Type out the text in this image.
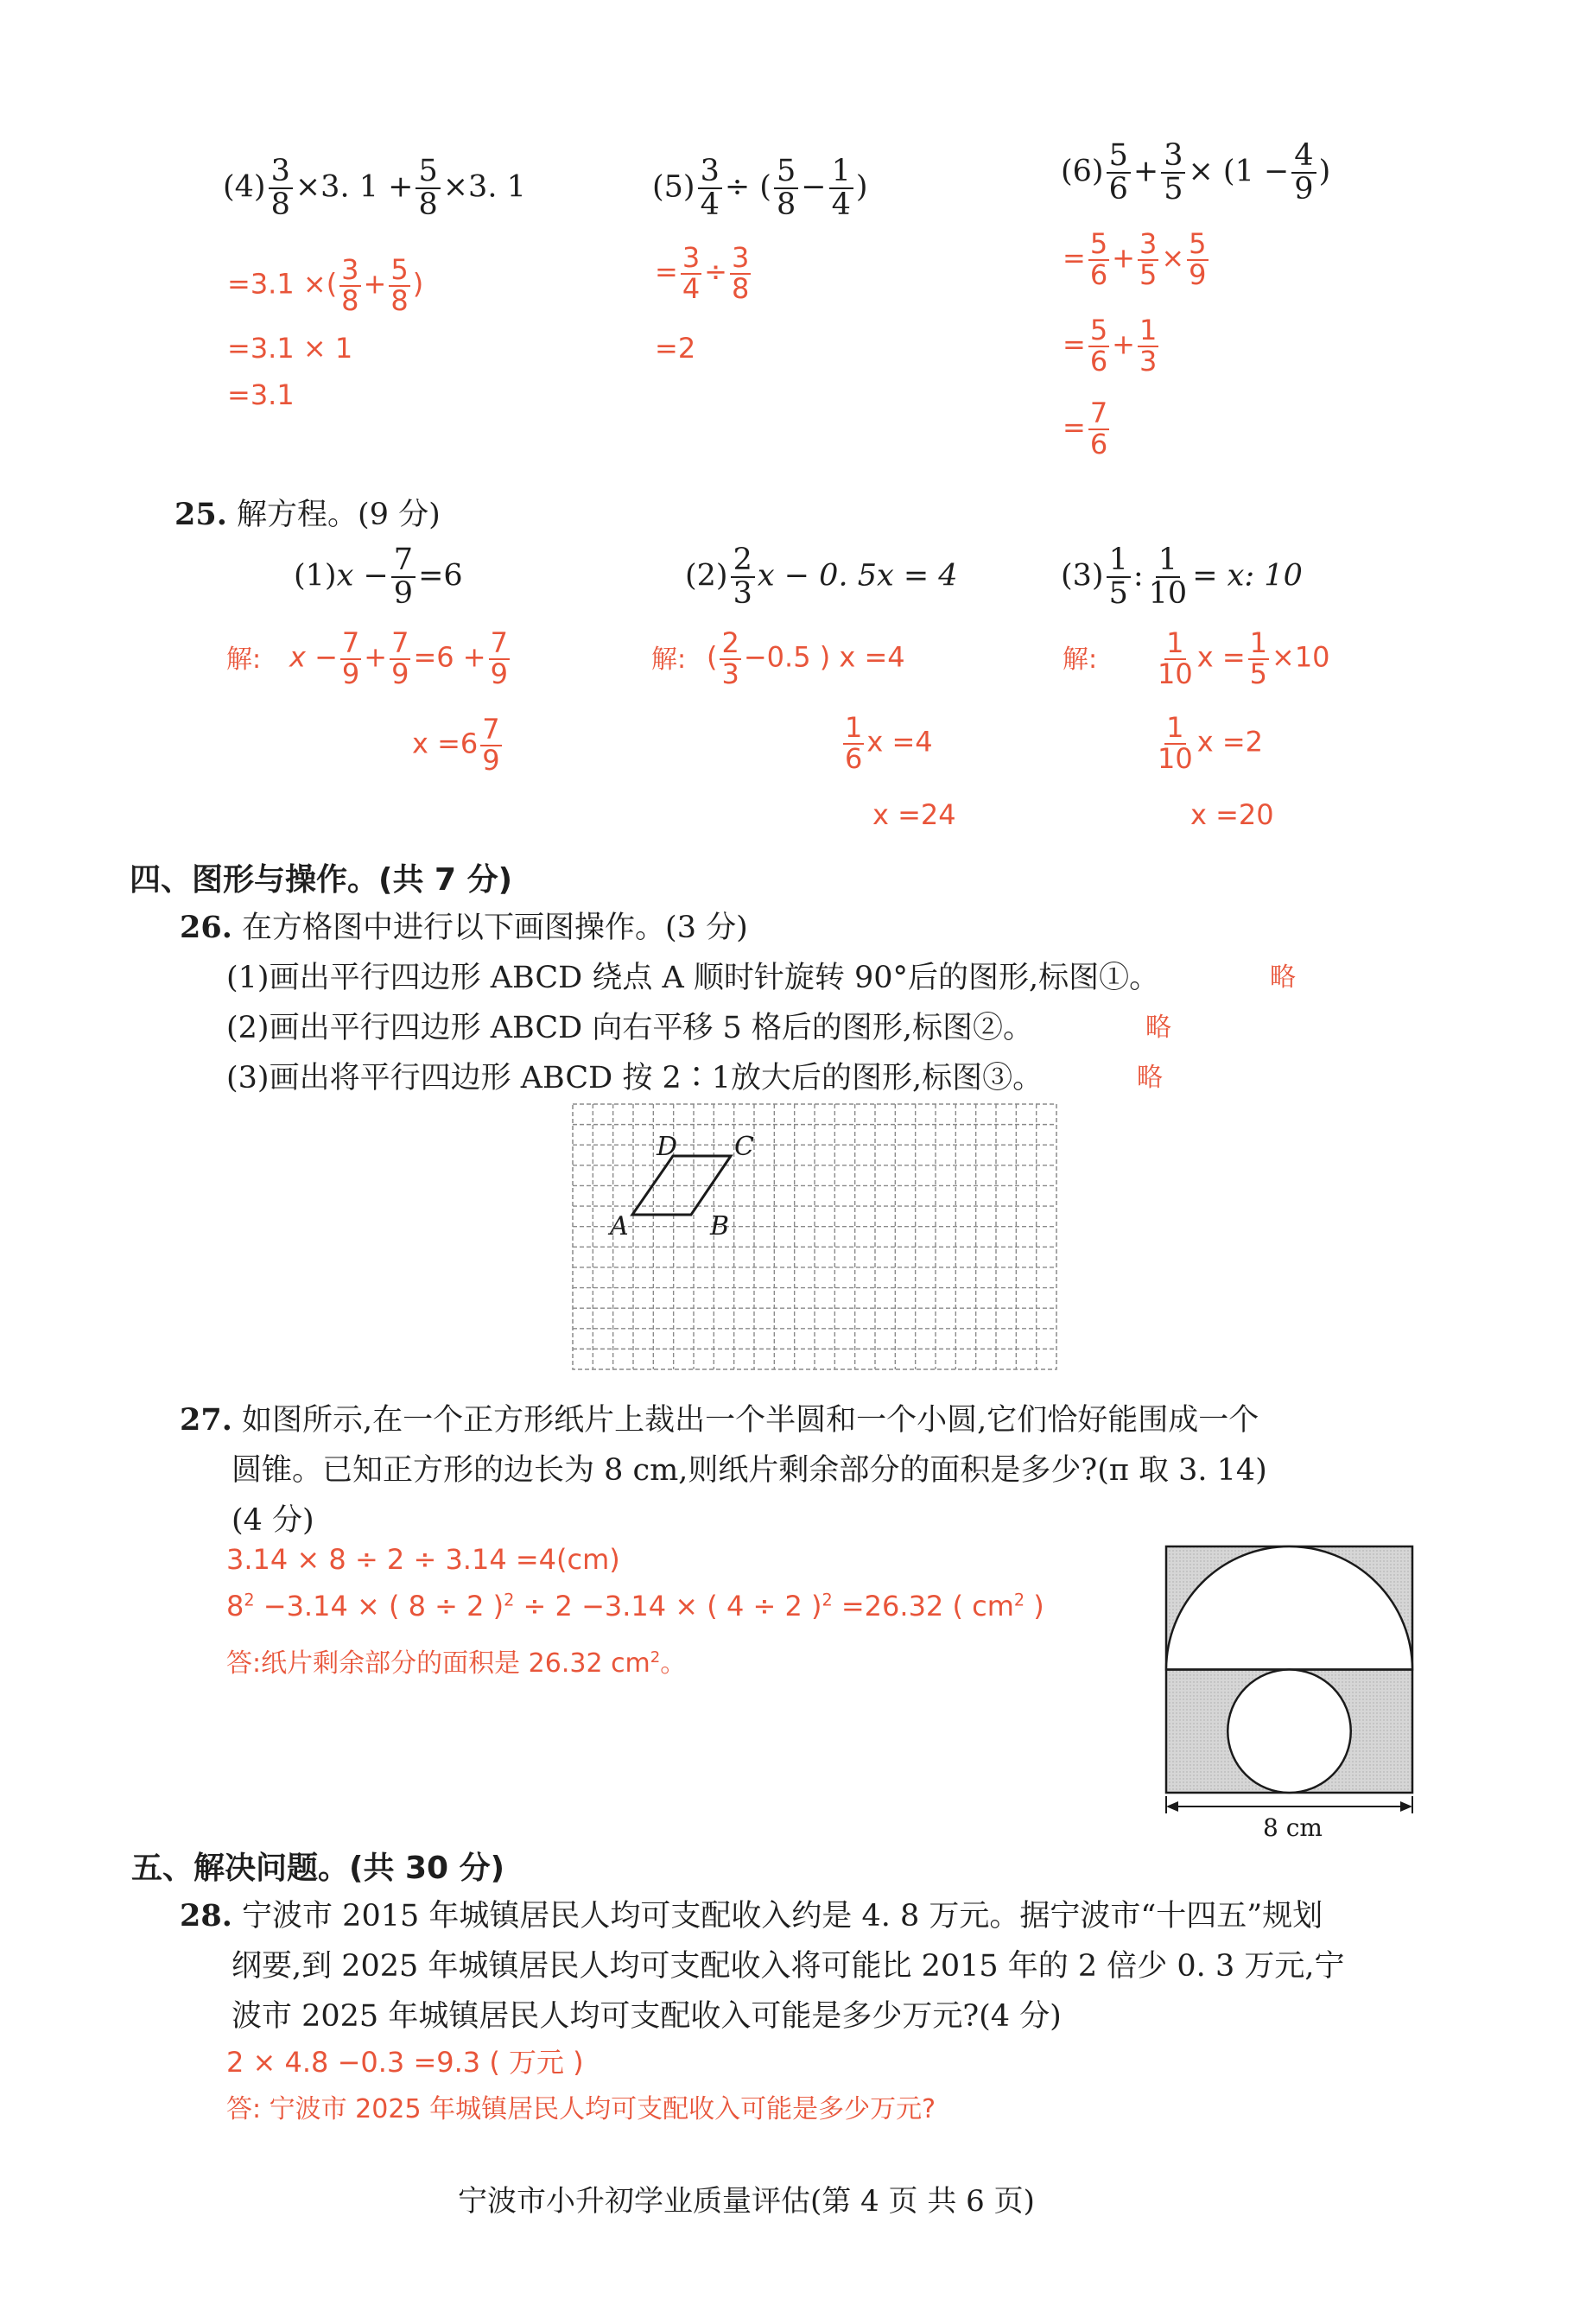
$(4) \frac{3}{8} \times 3$. $1 + \frac{5}{8} \times 3$. 1
=3.1 ×( $\frac{3}{8} + \frac{5}{8}$ )
=3.1 × 1
=3.1
$(5) \frac{3}{4}$ ÷ ( $\frac{5}{8} - \frac{1}{4}$ )
= $\frac{3}{4} \div \frac{3}{8}$
=2
$(6) \frac{5}{6} + \frac{3}{5} \times (1 - \frac{4}{9}$ )
= $\frac{5}{6} + \frac{3}{5} \times \frac{5}{9}$
= $\frac{5}{6} + \frac{1}{3}$
= $\frac{7}{6}$
25. 解方程。(9 分)
$(1)x - \frac{7}{9} =6$
解: $x - \frac{7}{9} + \frac{7}{9} =6 + \frac{7}{9}$
$x =6 \frac{7}{9}$
$(2) \frac{2}{3}$ x − 0. 5x = 4
解: ( $\frac{2}{3} -0.5$ ) x =4
$\frac{1}{6}$ x =4
x =24
$(3) \frac{1}{5}$ : $\frac{1}{10} = x$: 10
解: $\frac{1}{10}$ $x = \frac{1}{5} \times 10$
$\frac{1}{10}$ x =2
x =20
四、图形与操作。(共 7 分)
26. 在方格图中进行以下画图操作。(3 分)
(1)画出平行四边形 ABCD 绕点 A 顺时针旋转 90°后的图形,标图①。	略
(2)画出平行四边形 ABCD 向右平移 5 格后的图形,标图②。	略
(3)画出将平行四边形 ABCD 按 2∶1放大后的图形,标图③。	略
A	B
C
D
27. 如图所示,在一个正方形纸片上裁出一个半圆和一个小圆,它们恰好能围成一个
圆锥。已知正方形的边长为 8 cm,则纸片剩余部分的面积是多少?(π 取 3. 14)
(4 分)
3.14 × 8 ÷ 2 ÷ 3.14 =4(cm)
$8^2 -3.14$ × ( 8 ÷ 2 )$^2$ ÷ 2 −3.14 × ( 4 ÷ 2 )$^2$ =26.32 ( $cm^2$ )
答:纸片剩余部分的面积是 26.32 $cm^2$。
8 cm
五、解决问题。(共 30 分)
28. 宁波市 2015 年城镇居民人均可支配收入约是 4. 8 万元。据宁波市“十四五”规划
纲要,到 2025 年城镇居民人均可支配收入将可能比 2015 年的 2 倍少 0. 3 万元,宁
波市 2025 年城镇居民人均可支配收入可能是多少万元?(4 分)
2 × 4.8 −0.3 =9.3 ( 万元 )
答: 宁波市 2025 年城镇居民人均可支配收入可能是多少万元?
宁波市小升初学业质量评估(第 4 页 共 6 页)
